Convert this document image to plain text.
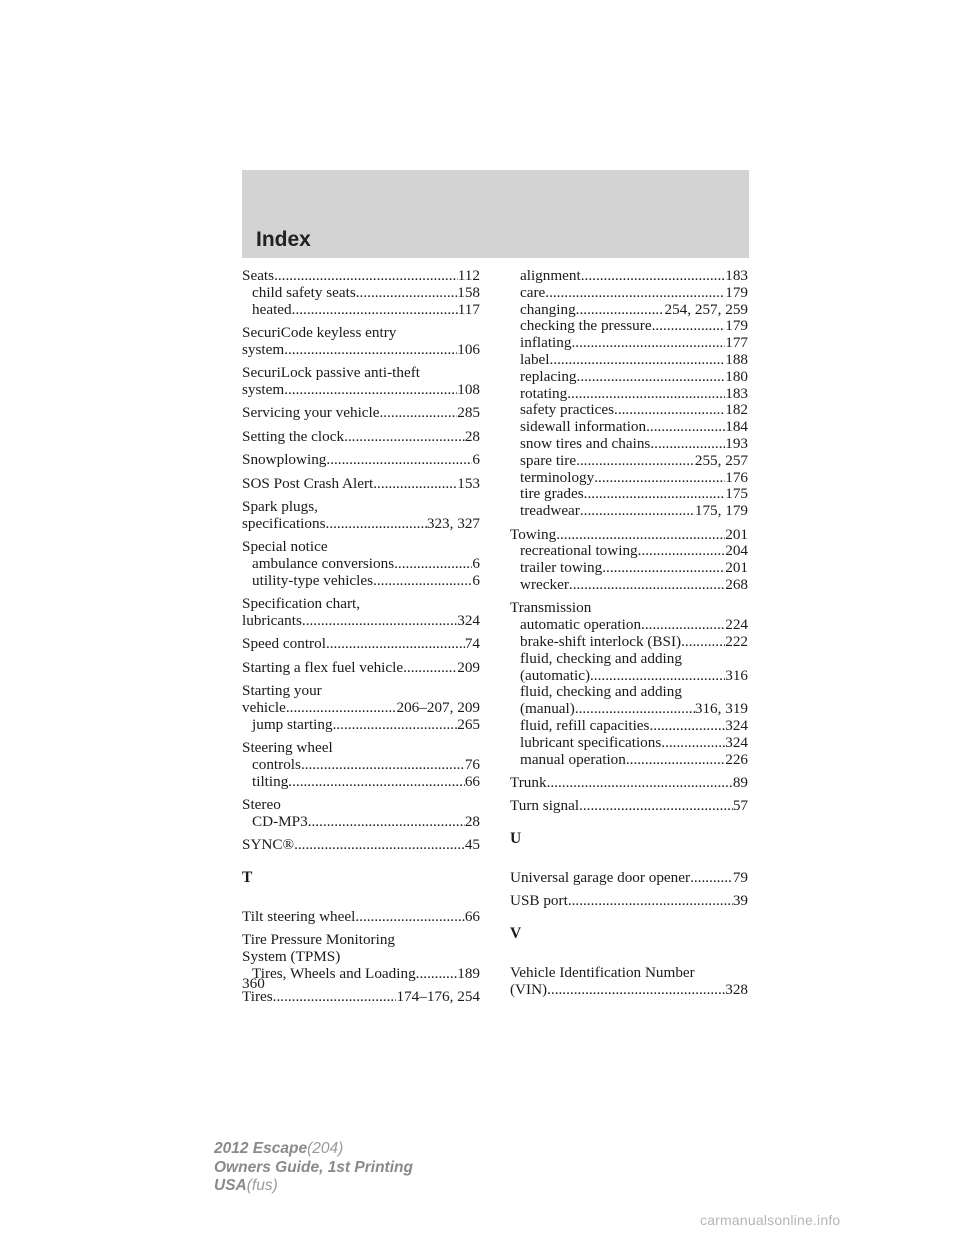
Index
Seats .....	112
child safety seats .....	158
heated .....	117
SecuriCode keyless entry
system .....	106
SecuriLock passive anti-theft
system .....	108
Servicing your vehicle .....	285
Setting the clock .....	28
Snowplowing .....	6
SOS Post Crash Alert .....	153
Spark plugs,
specifications .....	323, 327
Special notice
ambulance conversions .....	6
utility-type vehicles .....	6
Specification chart,
lubricants .....	324
Speed control .....	74
Starting a flex fuel vehicle .....	209
Starting your
vehicle .....	206–207, 209
jump starting .....	265
Steering wheel
controls .....	76
tilting .....	66
Stereo
CD-MP3 .....	28
SYNC® .....	45
T
Tilt steering wheel .....	66
Tire Pressure Monitoring
System (TPMS)
Tires, Wheels and Loading .....	189
Tires .....	174–176, 254
alignment .....	183
care .....	179
changing .....	254, 257, 259
checking the pressure .....	179
inflating .....	177
label .....	188
replacing .....	180
rotating .....	183
safety practices .....	182
sidewall information .....	184
snow tires and chains .....	193
spare tire .....	255, 257
terminology .....	176
tire grades .....	175
treadwear .....	175, 179
Towing .....	201
recreational towing .....	204
trailer towing .....	201
wrecker .....	268
Transmission
automatic operation .....	224
brake-shift interlock (BSI) .....	222
fluid, checking and adding
(automatic) .....	316
fluid, checking and adding
(manual) .....	316, 319
fluid, refill capacities .....	324
lubricant specifications .....	324
manual operation .....	226
Trunk .....	89
Turn signal .....	57
U
Universal garage door opener .....	79
USB port .....	39
V
Vehicle Identification Number
(VIN) .....	328
360
2012 Escape(204)
Owners Guide, 1st Printing
USA(fus)
carmanualsonline.info
